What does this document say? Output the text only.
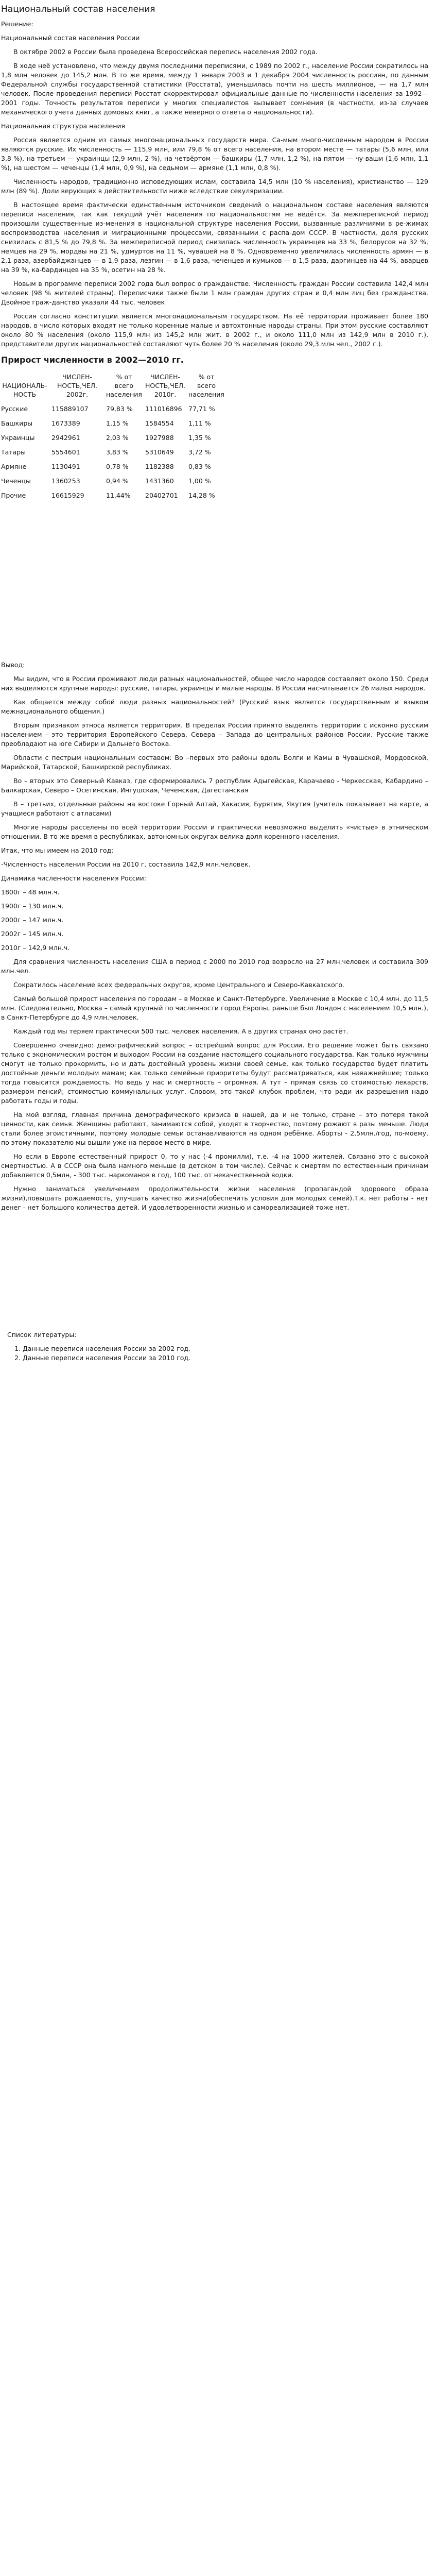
Национальный состав населения

Решение:

Национальный состав населения России

В октябре 2002 в России была проведена Всероссийская перепись населения 2002 года.

В ходе неё установлено, что между двумя последними переписями, с 1989 по 2002 г., население России сократилось на 1,8 млн человек до 145,2 млн. В то же время, между 1 января 2003 и 1 декабря 2004 численность россиян, по данным Федеральной службы государственной статистики (Росстата), уменьшилась почти на шесть миллионов, — на 1,7 млн человек. После проведения переписи Росстат скорректировал официальные данные по численности населения за 1992—2001 годы. Точность результатов переписи у многих специалистов вызывает сомнения (в частности, из-за случаев механического учета данных домовых книг, а также неверного ответа о национальности).

Национальная структура населения

Россия является одним из самых многонациональных государств мира. Са-мым много-численным народом в России являются русские. Их численность — 115,9 млн, или 79,8 % от всего населения, на втором месте — татары (5,6 млн, или 3,8 %), на третьем — украинцы (2,9 млн, 2 %), на четвёртом — башкиры (1,7 млн, 1,2 %), на пятом — чу-ваши (1,6 млн, 1,1 %), на шестом — чеченцы (1,4 млн, 0,9 %), на седьмом — армяне (1,1 млн, 0,8 %).

Численность народов, традиционно исповедующих ислам, составила 14,5 млн (10 % населения), христианство — 129 млн (89 %). Доли верующих в действительности ниже вследствие секуляризации.

В настоящее время фактически единственным источником сведений о национальном составе населения являются переписи населения, так как текущий учёт населения по национальностям не ведётся. За межпереписной период произошли существенные из-менения в национальной структуре населения России, вызванные различиями в ре-жимах воспроизводства населения и миграционными процессами, связанными с распа-дом СССР. В частности, доля русских снизилась с 81,5 % до 79,8 %. За межпереписной период снизилась численность украинцев на 33 %, белорусов на 32 %, немцев на 29 %, мордвы на 21 %, удмуртов на 11 %, чувашей на 8 %. Одновременно увеличилась численность армян — в 2,1 раза, азербайджанцев — в 1,9 раза, лезгин — в 1,6 раза, чеченцев и кумыков — в 1,5 раза, даргинцев на 44 %, аварцев на 39 %, ка-бардинцев на 35 %, осетин на 28 %.

Новым в программе переписи 2002 года был вопрос о гражданстве. Численность граждан России составила 142,4 млн человек (98 % жителей страны). Переписчики также были 1 млн граждан других стран и 0,4 млн лиц без гражданства. Двойное граж-данство указали 44 тыс. человек

Россия согласно конституции является многонациональным государством. На её территории проживает более 180 народов, в число которых входят не только коренные малые и автохтонные народы страны. При этом русские составляют около 80 % населения (около 115,9 млн из 145,2 млн жит. в 2002 г., и около 111,0 млн из 142,9 млн в 2010 г.), представители других национальностей составляют чуть более 20 % населения (около 29,3 млн чел., 2002 г.).

Прирост численности в 2002—2010 гг.
НАЦИОНАЛЬ-НОСТЬ	ЧИСЛЕН-НОСТЬ,ЧЕЛ. 2002г.	% от всего населения	ЧИСЛЕН-НОСТЬ,ЧЕЛ. 2010г.	% от всего населения
Русские	115889107	79,83 %	111016896	77,71 %
Башкиры	1673389	1,15 %	1584554	1,11 %
Украинцы	2942961	2,03 %	1927988	1,35 %
Татары	5554601	3,83 %	5310649	3,72 %
Армяне	1130491	0,78 %	1182388	0,83 %
Чеченцы	1360253	0,94 %	1431360	1,00 %
Прочие	16615929	11,44%	20402701	14,28 %

Вывод:

Мы видим, что в России проживают люди разных национальностей, общее число народов составляет около 150. Среди них выделяются крупные народы: русские, татары, украинцы и малые народы. В России насчитывается 26 малых народов.

Как общается между собой люди разных национальностей? (Русский язык является государственным и языком межнационального общения.)

Вторым признаком этноса является территория. В пределах России принято выделять территории с исконно русским населением - это территория Европейского Севера, Севера – Запада до центральных районов России. Русские также преобладают на юге Сибири и Дальнего Востока.

Области с пестрым национальным составом: Во –первых это районы вдоль Волги и Камы в Чувашской, Мордовской, Марийской, Татарской, Башкирской республиках.

Во – вторых это Северный Кавказ, где сформировались 7 республик Адыгейская, Карачаево - Черкесская, Кабардино – Балкарская, Северо – Осетинская, Ингушская, Чеченская, Дагестанская

В – третьих, отдельные районы на востоке Горный Алтай, Хакасия, Бурятия, Якутия (учитель показывает на карте, а учащиеся работают с атласами)

Многие народы расселены по всей территории России и практически невозможно выделить «чистые» в этническом отношении. В то же время в республиках, автономных округах велика доля коренного населения.

Итак, что мы имеем на 2010 год:

-Численность населения России на 2010 г. составила 142,9 млн.человек.

Динамика численности населения России:

1800г – 48 млн.ч.

1900г – 130 млн.ч.

2000г – 147 млн.ч.

2002г – 145 млн.ч.

2010г – 142,9 млн.ч.

Для сравнения численность населения США в период с 2000 по 2010 год возросло на 27 млн.человек и составила 309 млн.чел.

Сократилось население всех федеральных округов, кроме Центрального и Северо-Кавказского.

Самый большой прирост населения по городам – в Москве и Санкт-Петербурге. Увеличение в Москве с 10,4 млн. до 11,5 млн. (Следовательно, Москва – самый крупный по численности город Европы, раньше был Лондон с населением 10,5 млн.), в Санкт-Петербурге до 4,9 млн.человек.

Каждый год мы теряем практически 500 тыс. человек населения. А в других странах оно растёт.

Совершенно очевидно: демографический вопрос – острейший вопрос для России. Его решение может быть связано только с экономическим ростом и выходом России на создание настоящего социального государства. Как только мужчины смогут не только прокормить, но и дать достойный уровень жизни своей семье, как только государство будет платить достойные деньги молодым мамам; как только семейные приоритеты будут рассматриваться, как наважнейшие; только тогда повысится рождаемость. Но ведь у нас и смертность – огромная. А тут – прямая связь со стоимостью лекарств, размером пенсий, стоимостью коммунальных услуг. Словом, это такой клубок проблем, что ради их разрешения надо работать годы и годы.

На мой взгляд, главная причина демографического кризиса в нашей, да и не только, стране – это потеря такой ценности, как семья. Женщины работают, занимаются собой, уходят в творчество, поэтому рожают в разы меньше. Люди стали более эгоистичными, поэтому молодые семьи останавливаются на одном ребёнке. Аборты - 2,5млн./год, по-моему, по этому показателю мы вышли уже на первое место в мире.

Но если в Европе естественный прирост 0, то у нас (-4 промилли), т.е. -4 на 1000 жителей. Связано это с высокой смертностью. А в СССР она была намного меньше (в детском в том числе). Сейчас к смертям по естественным причинам добавляется 0,5млн, - 300 тыс. наркоманов в год, 100 тыс. от некачественной водки.

Нужно заниматься увеличением продолжительности жизни населения (пропагандой здорового образа жизни),повышать рождаемость, улучшать качество жизни(обеспечить условия для молодых семей).Т.к. нет работы - нет денег - нет большого количества детей. И удовлетворенности жизнью и самореализацией тоже нет.

Список литературы:

1. Данные переписи населения России за 2002 год.
2. Данные переписи населения России за 2010 год.
